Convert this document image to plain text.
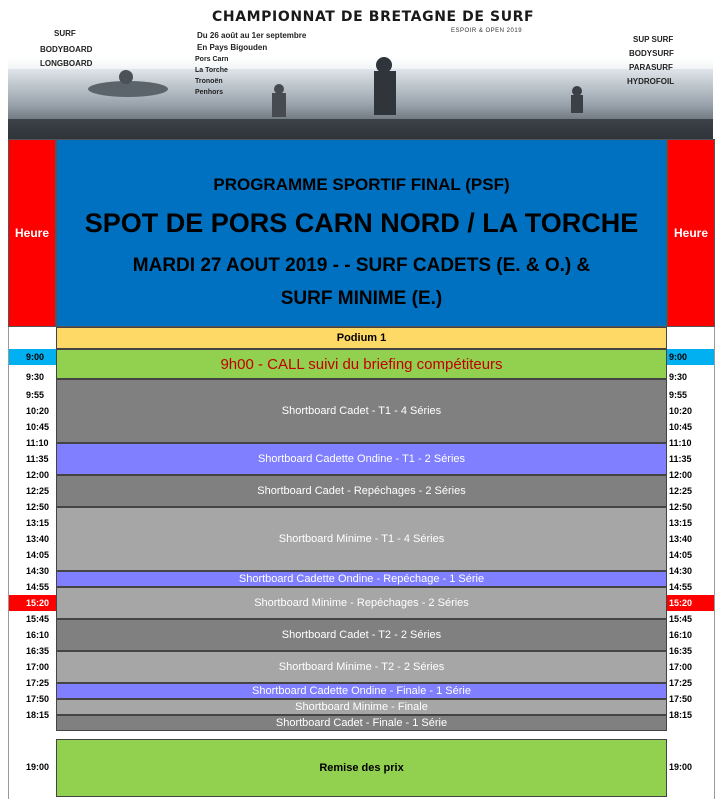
CHAMPIONNAT DE BRETAGNE DE SURF
ESPOIR & OPEN 2019
SURF
BODYBOARD
LONGBOARD
Du 26 août au 1er septembre
En Pays Bigouden
Pors Carn
La Torche
Tronoën
Penhors
SUP SURF
BODYSURF
PARASURF
HYDROFOIL
Heure	Heure
PROGRAMME SPORTIF FINAL (PSF)
SPOT DE PORS CARN NORD / LA TORCHE
MARDI 27 AOUT 2019 - - SURF CADETS (E. & O.) &
SURF MINIME (E.)
9:00
9:30
9:55
10:20
10:45
11:10
11:35
12:00
12:25
12:50
13:15
13:40
14:05
14:30
14:55
15:20
15:45
16:10
16:35
17:00
17:25
17:50
18:15
19:00
9:00
9:30
9:55
10:20
10:45
11:10
11:35
12:00
12:25
12:50
13:15
13:40
14:05
14:30
14:55
15:20
15:45
16:10
16:35
17:00
17:25
17:50
18:15
19:00
Podium 1
9h00 - CALL suivi du briefing compétiteurs
Shortboard Cadet - T1 - 4 Séries
Shortboard Cadette Ondine - T1 - 2 Séries
Shortboard Cadet - Repéchages - 2 Séries
Shortboard Minime - T1 - 4 Séries
Shortboard Cadette Ondine - Repéchage - 1 Série
Shortboard Minime - Repéchages - 2 Séries
Shortboard Cadet - T2 - 2 Séries
Shortboard Minime - T2 - 2 Séries
Shortboard Cadette Ondine - Finale - 1 Série
Shortboard Minime - Finale
Shortboard Cadet - Finale - 1 Série
Remise des prix
